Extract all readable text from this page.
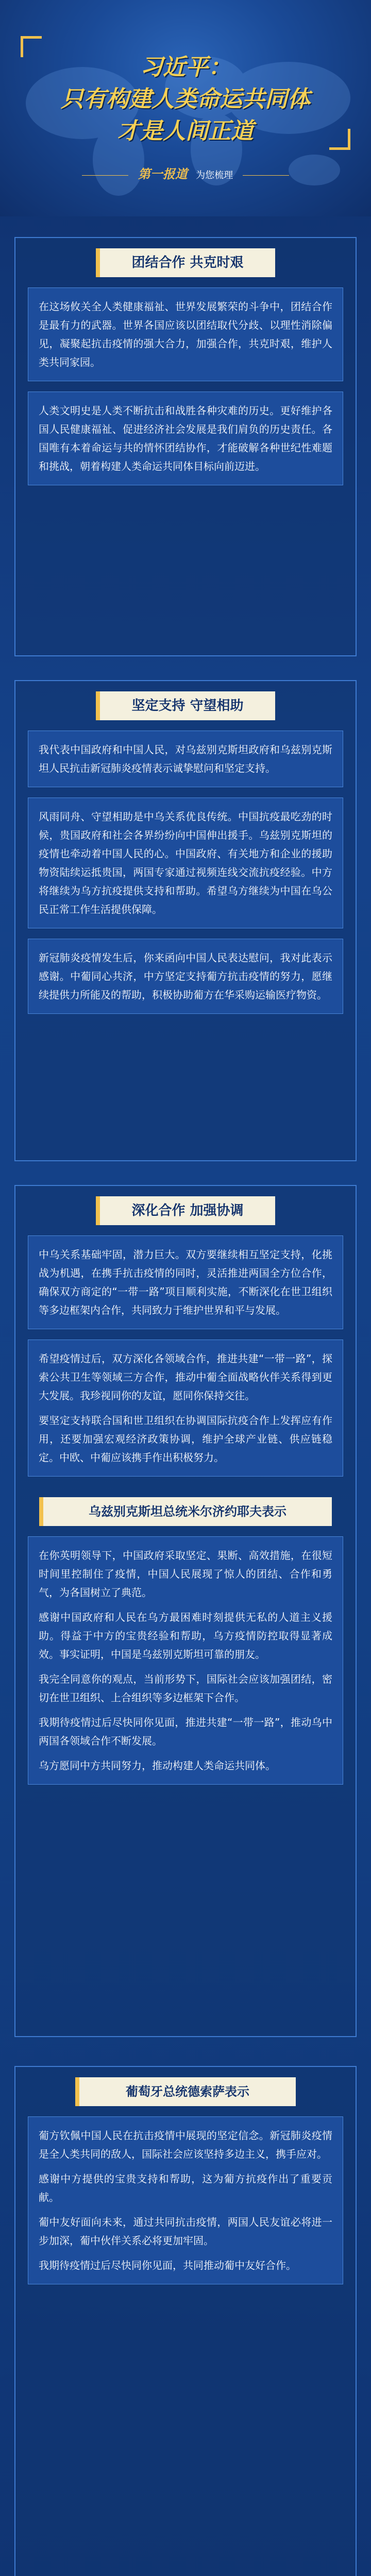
习近平：
只有构建人类命运共同体
才是人间正道
第一报道 为您梳理
团结合作 共克时艰

在这场攸关全人类健康福祉、世界发展繁荣的斗争中，团结合作是最有力的武器。世界各国应该以团结取代分歧、以理性消除偏见，凝聚起抗击疫情的强大合力，加强合作，共克时艰，维护人类共同家园。

人类文明史是人类不断抗击和战胜各种灾难的历史。更好维护各国人民健康福祉、促进经济社会发展是我们肩负的历史责任。各国唯有本着命运与共的情怀团结协作，才能破解各种世纪性难题和挑战，朝着构建人类命运共同体目标向前迈进。

坚定支持 守望相助

我代表中国政府和中国人民，对乌兹别克斯坦政府和乌兹别克斯坦人民抗击新冠肺炎疫情表示诚挚慰问和坚定支持。

风雨同舟、守望相助是中乌关系优良传统。中国抗疫最吃劲的时候，贵国政府和社会各界纷纷向中国伸出援手。乌兹别克斯坦的疫情也牵动着中国人民的心。中国政府、有关地方和企业的援助物资陆续运抵贵国，两国专家通过视频连线交流抗疫经验。中方将继续为乌方抗疫提供支持和帮助。希望乌方继续为中国在乌公民正常工作生活提供保障。

新冠肺炎疫情发生后，你来函向中国人民表达慰问，我对此表示感谢。中葡同心共济，中方坚定支持葡方抗击疫情的努力，愿继续提供力所能及的帮助，积极协助葡方在华采购运输医疗物资。

深化合作 加强协调

中乌关系基础牢固，潜力巨大。双方要继续相互坚定支持，化挑战为机遇，在携手抗击疫情的同时，灵活推进两国全方位合作，确保双方商定的“一带一路”项目顺利实施，不断深化在世卫组织等多边框架内合作，共同致力于维护世界和平与发展。

希望疫情过后，双方深化各领域合作，推进共建“一带一路”，探索公共卫生等领域三方合作，推动中葡全面战略伙伴关系得到更大发展。我珍视同你的友谊，愿同你保持交往。

要坚定支持联合国和世卫组织在协调国际抗疫合作上发挥应有作用，还要加强宏观经济政策协调，维护全球产业链、供应链稳定。中欧、中葡应该携手作出积极努力。

乌兹别克斯坦总统米尔济约耶夫表示

在你英明领导下，中国政府采取坚定、果断、高效措施，在很短时间里控制住了疫情，中国人民展现了惊人的团结、合作和勇气，为各国树立了典范。

感谢中国政府和人民在乌方最困难时刻提供无私的人道主义援助。得益于中方的宝贵经验和帮助，乌方疫情防控取得显著成效。事实证明，中国是乌兹别克斯坦可靠的朋友。

我完全同意你的观点，当前形势下，国际社会应该加强团结，密切在世卫组织、上合组织等多边框架下合作。

我期待疫情过后尽快同你见面，推进共建“一带一路”，推动乌中两国各领域合作不断发展。

乌方愿同中方共同努力，推动构建人类命运共同体。

葡萄牙总统德索萨表示

葡方钦佩中国人民在抗击疫情中展现的坚定信念。新冠肺炎疫情是全人类共同的敌人，国际社会应该坚持多边主义，携手应对。

感谢中方提供的宝贵支持和帮助，这为葡方抗疫作出了重要贡献。

葡中友好面向未来，通过共同抗击疫情，两国人民友谊必将进一步加深，葡中伙伴关系必将更加牢固。

我期待疫情过后尽快同你见面，共同推动葡中友好合作。
